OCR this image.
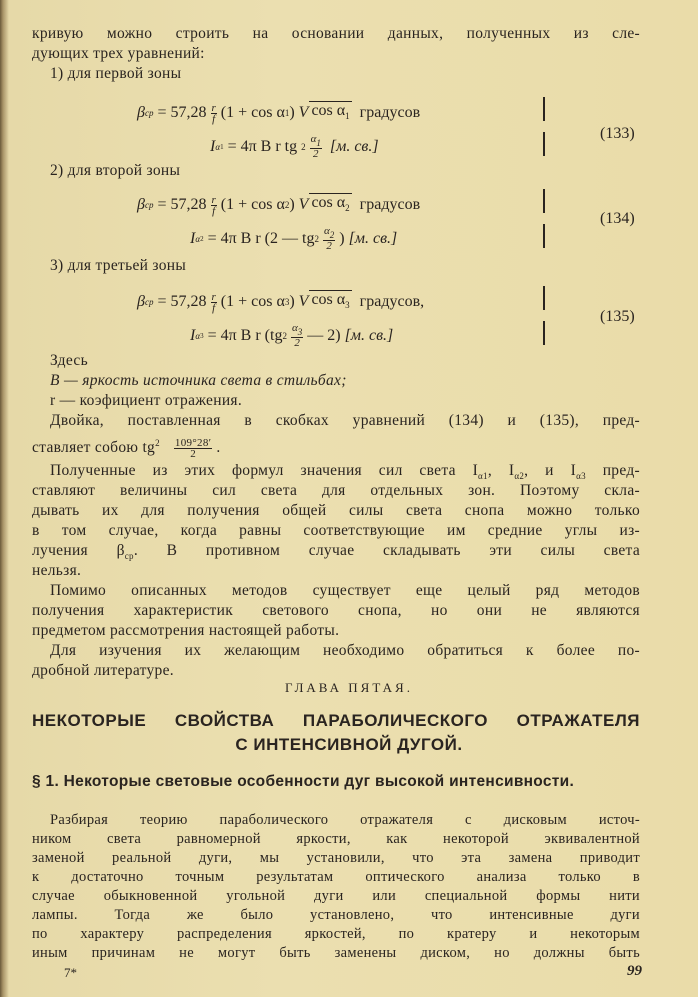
кривую можно строить на основании данных, полученных из сле-
дующих трех уравнений:
1) для первой зоны
2) для второй зоны
3) для третьей зоны
β ср
= 57,28 r
f (1 + cos α 1 )
V $\cos \alpha_1$
градусов
I α 1
= 4π B r tg
2
$\alpha_1$
2
[м. св.]
(133)
β ср
= 57,28 r
f (1 + cos α 2 )
V $\cos \alpha_2$
градусов
I α 2
= 4π B r
(2 — tg 2
$\alpha_2$
2 )
[м. св.]
(134)
β ср
= 57,28 r
f (1 + cos α 3 )
V $\cos \alpha_3$
градусов,
I α 3
= 4π B r
(tg 2
$\alpha_3$
2 — 2)
[м. св.]
(135)
Здесь
B — яркость источника света в стильбах;
r — коэфициент отражения.
Двойка, поставленная в скобках уравнений (134) и (135), пред-
ставляет собою $tg^2 \frac{109^\circ 28'}{2}$ .
Полученные из этих формул значения сил света $I_{\alpha 1}$, $I_{\alpha 2}$, и $I_{\alpha 3}$ пред-
ставляют величины сил света для отдельных зон. Поэтому скла-
дывать их для получения общей силы света снопа можно только
в том случае, когда равны соответствующие им средние углы из-
лучения $\beta_{ср}$. В противном случае складывать эти силы света
нельзя.
Помимо описанных методов существует еще целый ряд методов
получения характеристик светового снопа, но они не являются
предметом рассмотрения настоящей работы.
Для изучения их желающим необходимо обратиться к более по-
дробной литературе.
ГЛАВА ПЯТАЯ.
НЕКОТОРЫЕ СВОЙСТВА ПАРАБОЛИЧЕСКОГО ОТРАЖАТЕЛЯ
С ИНТЕНСИВНОЙ ДУГОЙ.
§ 1. Некоторые световые особенности дуг высокой интенсивности.
Разбирая теорию параболического отражателя с дисковым источ-
ником света равномерной яркости, как некоторой эквивалентной
заменой реальной дуги, мы установили, что эта замена приводит
к достаточно точным результатам оптического анализа только в
случае обыкновенной угольной дуги или специальной формы нити
лампы. Тогда же было установлено, что интенсивные дуги
по характеру распределения яркостей, по кратеру и некоторым
иным причинам не могут быть заменены диском, но должны быть
7*	99
